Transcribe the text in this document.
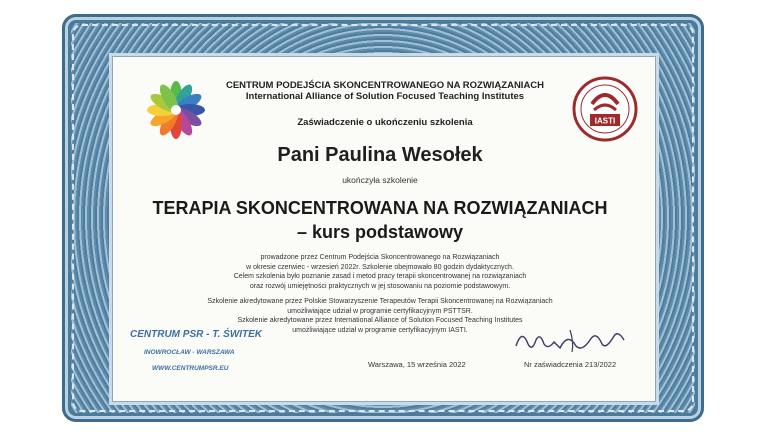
IASTI
CENTRUM PODEJŚCIA SKONCENTROWANEGO NA ROZWIĄZANIACH
International Alliance of Solution Focused Teaching Institutes
Zaświadczenie o ukończeniu szkolenia
Pani Paulina Wesołek
ukończyła szkolenie
TERAPIA SKONCENTROWANA NA ROZWIĄZANIACH
– kurs podstawowy
prowadzone przez Centrum Podejścia Skoncentrowanego na Rozwiązaniach
w okresie czerwiec - wrzesień 2022r. Szkolenie obejmowało 80 godzin dydaktycznych.
Celem szkolenia było poznanie zasad i metod pracy terapii skoncentrowanej na rozwiązaniach
oraz rozwój umiejętności praktycznych w jej stosowaniu na poziomie podstawowym.
Szkolenie akredytowane przez Polskie Stowarzyszenie Terapeutów Terapii Skoncentrowanej na Rozwiązaniach
umożliwiające udział w programie certyfikacyjnym PSTTSR.
Szkolenie akredytowane przez International Alliance of Solution Focused Teaching Institutes
umożliwiające udział w programie certyfikacyjnym IASTI.
CENTRUM PSR - T. ŚWITEK
INOWROCŁAW - WARSZAWA
WWW.CENTRUMPSR.EU	Warszawa, 15 września 2022	Nr zaświadczenia 213/2022
